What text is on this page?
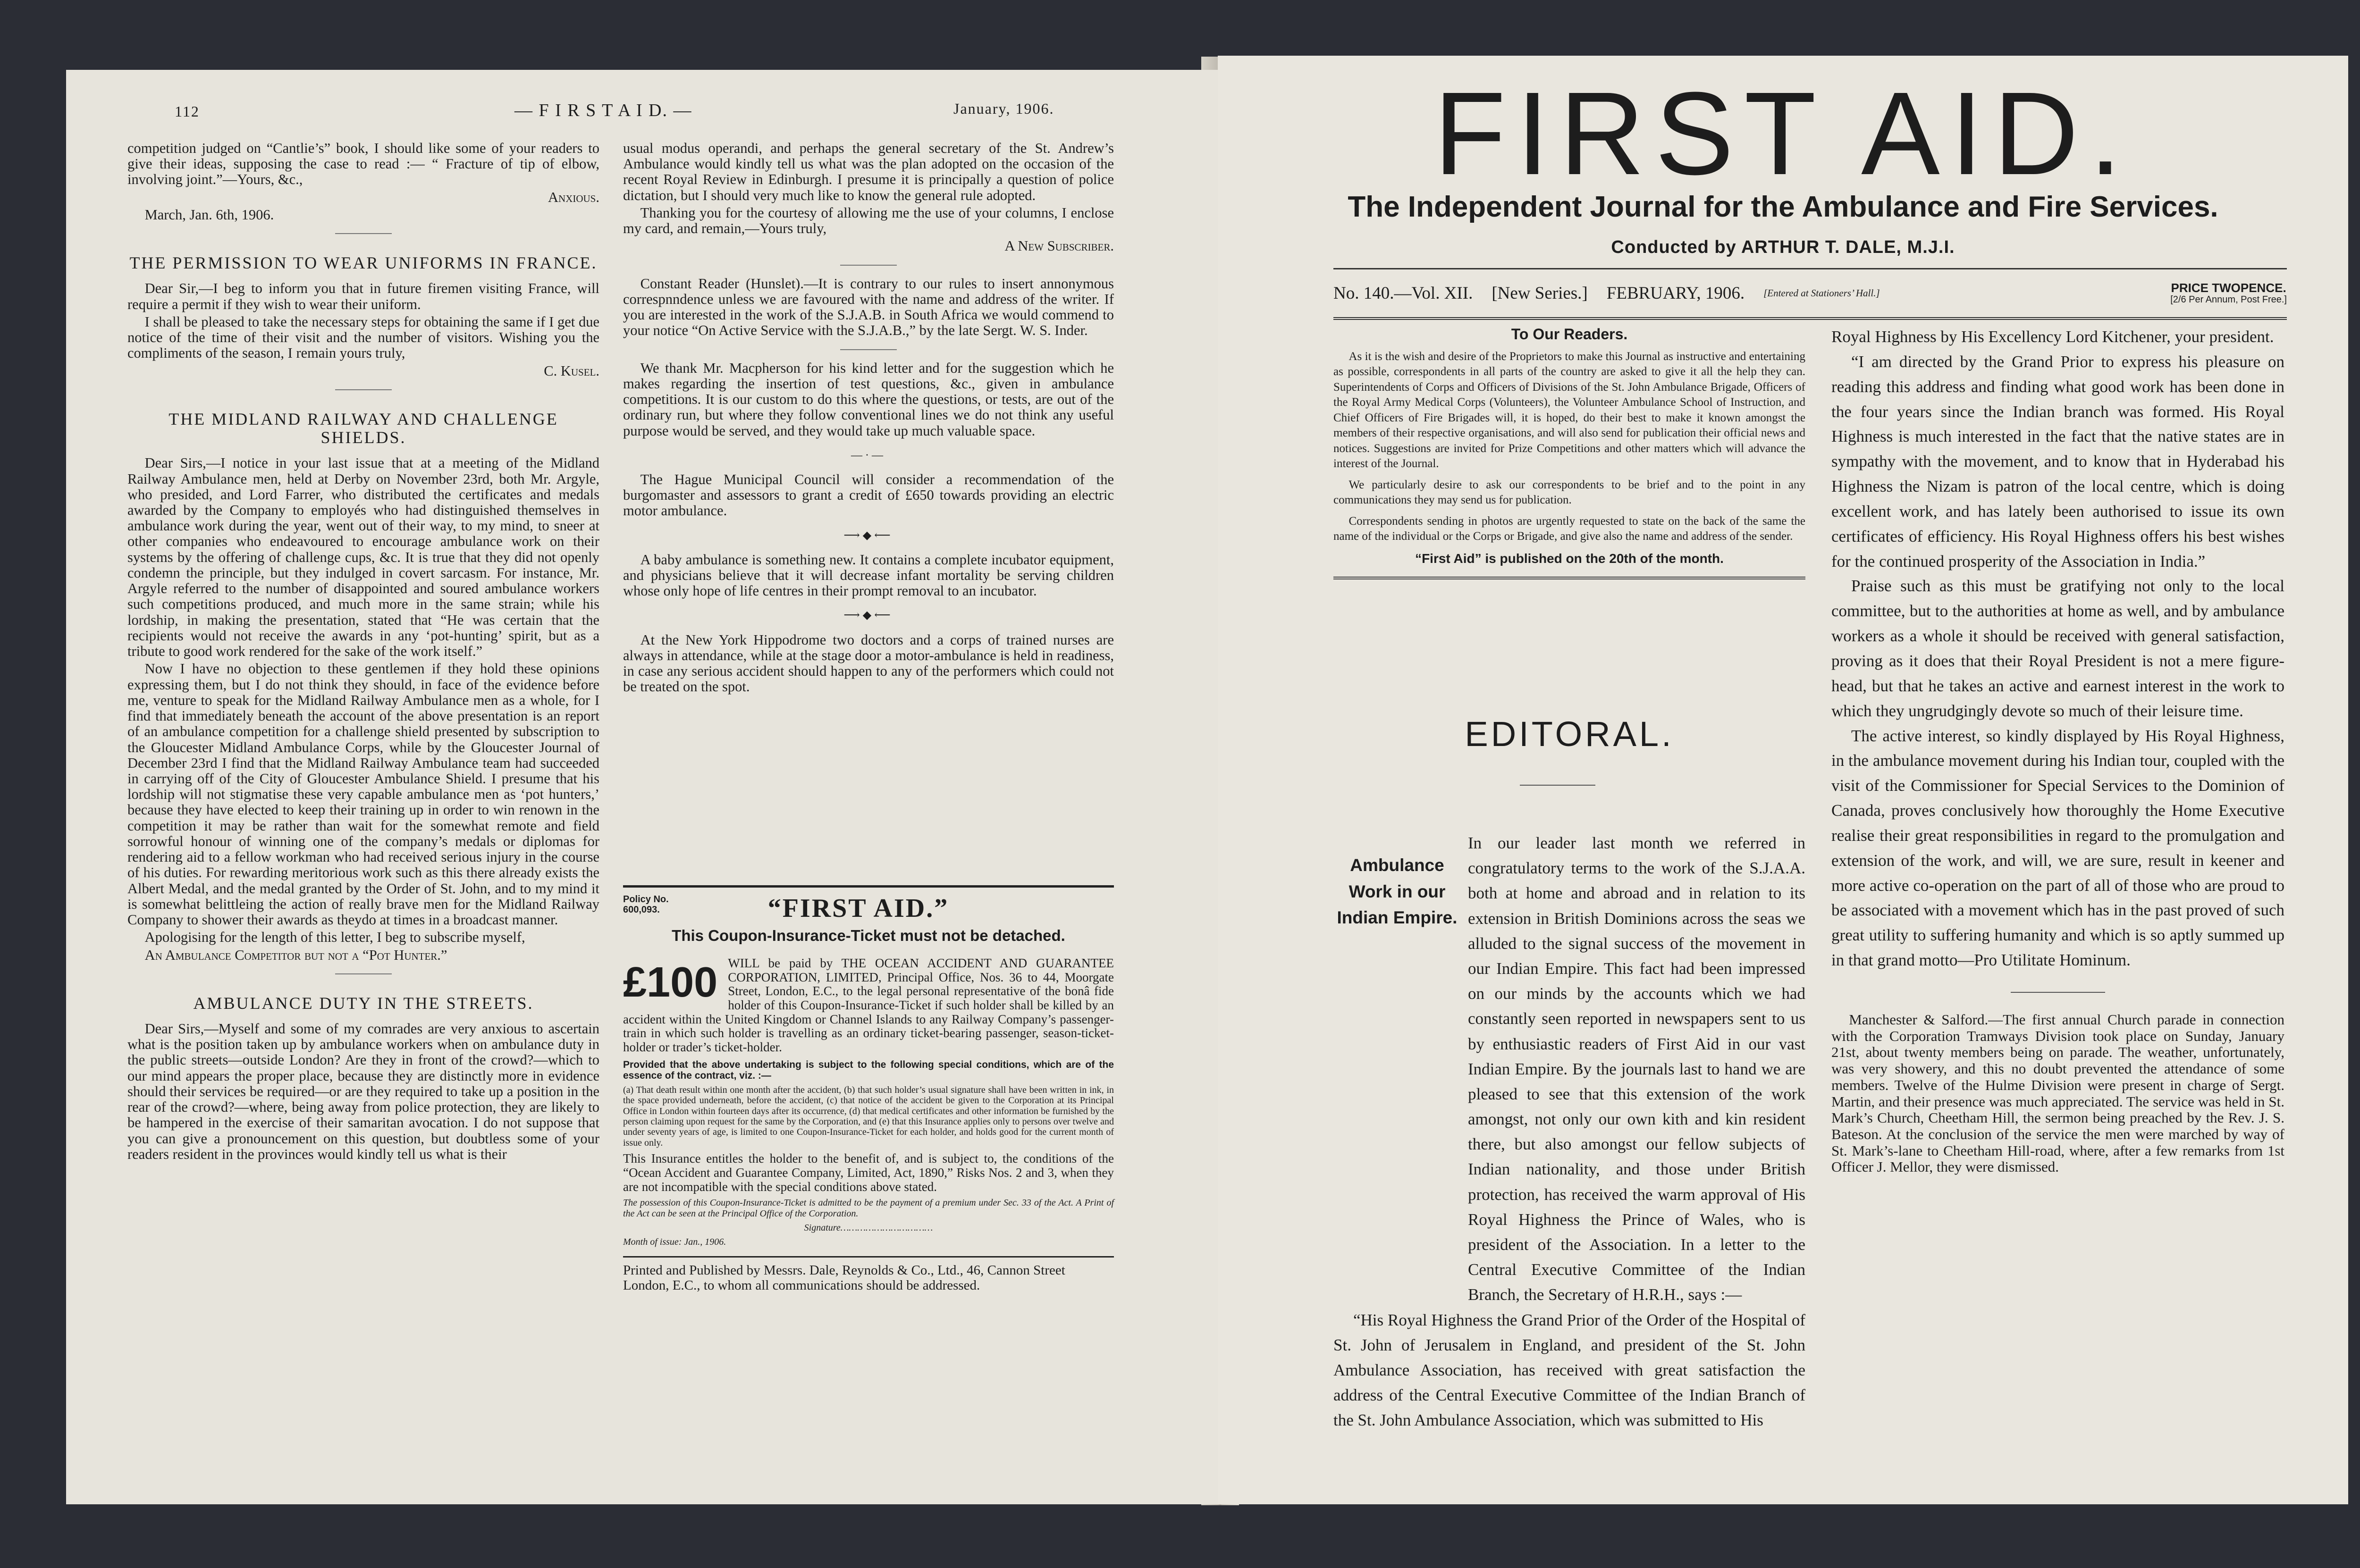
112	— F I R S T A I D. —	January, 1906.

competition judged on “Cantlie’s” book, I should like some of your readers to give their ideas, supposing the case to read :— “ Fracture of tip of elbow, involving joint.”—Yours, &c.,

Anxious.

March, Jan. 6th, 1906.

THE PERMISSION TO WEAR UNIFORMS IN FRANCE.

Dear Sir,—I beg to inform you that in future firemen visiting France, will require a permit if they wish to wear their uniform.

I shall be pleased to take the necessary steps for obtaining the same if I get due notice of the time of their visit and the number of visitors. Wishing you the compliments of the season, I remain yours truly,

C. Kusel.

THE MIDLAND RAILWAY AND CHALLENGE SHIELDS.

Dear Sirs,—I notice in your last issue that at a meeting of the Midland Railway Ambulance men, held at Derby on November 23rd, both Mr. Argyle, who presided, and Lord Farrer, who distributed the certificates and medals awarded by the Company to employés who had distinguished themselves in ambulance work during the year, went out of their way, to my mind, to sneer at other companies who endeavoured to encourage ambulance work on their systems by the offering of challenge cups, &c. It is true that they did not openly condemn the principle, but they indulged in covert sarcasm. For instance, Mr. Argyle referred to the number of disappointed and soured ambulance workers such competitions produced, and much more in the same strain; while his lordship, in making the presentation, stated that “He was certain that the recipients would not receive the awards in any ‘pot-hunting’ spirit, but as a tribute to good work rendered for the sake of the work itself.”

Now I have no objection to these gentlemen if they hold these opinions expressing them, but I do not think they should, in face of the evidence before me, venture to speak for the Midland Railway Ambulance men as a whole, for I find that immediately beneath the account of the above presentation is an report of an ambulance competition for a challenge shield presented by subscription to the Gloucester Midland Ambulance Corps, while by the Gloucester Journal of December 23rd I find that the Midland Railway Ambulance team had succeeded in carrying off of the City of Gloucester Ambulance Shield. I presume that his lordship will not stigmatise these very capable ambulance men as ‘pot hunters,’ because they have elected to keep their training up in order to win renown in the competition it may be rather than wait for the somewhat remote and field sorrowful honour of winning one of the company’s medals or diplomas for rendering aid to a fellow workman who had received serious injury in the course of his duties. For rewarding meritorious work such as this there already exists the Albert Medal, and the medal granted by the Order of St. John, and to my mind it is somewhat belittleing the action of really brave men for the Midland Railway Company to shower their awards as theydo at times in a broadcast manner.

Apologising for the length of this letter, I beg to subscribe myself,

An Ambulance Competitor but not a “Pot Hunter.”

AMBULANCE DUTY IN THE STREETS.

Dear Sirs,—Myself and some of my comrades are very anxious to ascertain what is the position taken up by ambulance workers when on ambulance duty in the public streets—outside London? Are they in front of the crowd?—which to our mind appears the proper place, because they are distinctly more in evidence should their services be required—or are they required to take up a position in the rear of the crowd?—where, being away from police protection, they are likely to be hampered in the exercise of their samaritan avocation. I do not suppose that you can give a pronouncement on this question, but doubtless some of your readers resident in the provinces would kindly tell us what is their

usual modus operandi, and perhaps the general secretary of the St. Andrew’s Ambulance would kindly tell us what was the plan adopted on the occasion of the recent Royal Review in Edinburgh. I presume it is principally a question of police dictation, but I should very much like to know the general rule adopted.

Thanking you for the courtesy of allowing me the use of your columns, I enclose my card, and remain,—Yours truly,

A New Subscriber.

Constant Reader (Hunslet).—It is contrary to our rules to insert annonymous correspnndence unless we are favoured with the name and address of the writer. If you are interested in the work of the S.J.A.B. in South Africa we would commend to your notice “On Active Service with the S.J.A.B.,” by the late Sergt. W. S. Inder.

We thank Mr. Macpherson for his kind letter and for the suggestion which he makes regarding the insertion of test questions, &c., given in ambulance competitions. It is our custom to do this where the questions, or tests, are out of the ordinary run, but where they follow conventional lines we do not think any useful purpose would be served, and they would take up much valuable space.

—·—

The Hague Municipal Council will consider a recommendation of the burgomaster and assessors to grant a credit of £650 towards providing an electric motor ambulance.

⟶◆⟵

A baby ambulance is something new. It contains a complete incubator equipment, and physicians believe that it will decrease infant mortality be serving children whose only hope of life centres in their prompt removal to an incubator.

⟶◆⟵

At the New York Hippodrome two doctors and a corps of trained nurses are always in attendance, while at the stage door a motor-ambulance is held in readiness, in case any serious accident should happen to any of the performers which could not be treated on the spot.

Policy No.
600,093.	“FIRST AID.”
This Coupon-Insurance-Ticket must not be detached.
£100 WILL be paid by THE OCEAN ACCIDENT AND GUARANTEE CORPORATION, LIMITED, Principal Office, Nos. 36 to 44, Moorgate Street, London, E.C., to the legal personal representative of the bonâ fide holder of this Coupon-Insurance-Ticket if such holder shall be killed by an accident within the United Kingdom or Channel Islands to any Railway Company’s passenger-train in which such holder is travelling as an ordinary ticket-bearing passenger, season-ticket-holder or trader’s ticket-holder.

Provided that the above undertaking is subject to the following special conditions, which are of the essence of the contract, viz. :—

(a) That death result within one month after the accident, (b) that such holder’s usual signature shall have been written in ink, in the space provided underneath, before the accident, (c) that notice of the accident be given to the Corporation at its Principal Office in London within fourteen days after its occurrence, (d) that medical certificates and other information be furnished by the person claiming upon request for the same by the Corporation, and (e) that this Insurance applies only to persons over twelve and under seventy years of age, is limited to one Coupon-Insurance-Ticket for each holder, and holds good for the current month of issue only.

This Insurance entitles the holder to the benefit of, and is subject to, the conditions of the “Ocean Accident and Guarantee Company, Limited, Act, 1890,” Risks Nos. 2 and 3, when they are not incompatible with the special conditions above stated.

The possession of this Coupon-Insurance-Ticket is admitted to be the payment of a premium under Sec. 33 of the Act. A Print of the Act can be seen at the Principal Office of the Corporation.

Signature……………………………

Month of issue: Jan., 1906.

Printed and Published by Messrs. Dale, Reynolds & Co., Ltd., 46, Cannon Street London, E.C., to whom all communications should be addressed.
FIRST AID.
The Independent Journal for the Ambulance and Fire Services.
Conducted by ARTHUR T. DALE, M.J.I.
No. 140.—Vol. XII. [New Series.] FEBRUARY, 1906. [Entered at Stationers’ Hall.]	PRICE TWOPENCE.
[2/6 Per Annum, Post Free.]
To Our Readers.

As it is the wish and desire of the Proprietors to make this Journal as instructive and entertaining as possible, correspondents in all parts of the country are asked to give it all the help they can. Superintendents of Corps and Officers of Divisions of the St. John Ambulance Brigade, Officers of the Royal Army Medical Corps (Volunteers), the Volunteer Ambulance School of Instruction, and Chief Officers of Fire Brigades will, it is hoped, do their best to make it known amongst the members of their respective organisations, and will also send for publication their official news and notices. Suggestions are invited for Prize Competitions and other matters which will advance the interest of the Journal.

We particularly desire to ask our correspondents to be brief and to the point in any communications they may send us for publication.

Correspondents sending in photos are urgently requested to state on the back of the same the name of the individual or the Corps or Brigade, and give also the name and address of the sender.

“First Aid” is published on the 20th of the month.

EDITORAL.
Ambulance Work in our Indian Empire.

In our leader last month we referred in congratulatory terms to the work of the S.J.A.A. both at home and abroad and in relation to its extension in British Dominions across the seas we alluded to the signal success of the movement in our Indian Empire. This fact had been impressed on our minds by the accounts which we had constantly seen reported in newspapers sent to us by enthusiastic readers of First Aid in our vast Indian Empire. By the journals last to hand we are pleased to see that this extension of the work amongst, not only our own kith and kin resident there, but also amongst our fellow subjects of Indian nationality, and those under British protection, has received the warm approval of His Royal Highness the Prince of Wales, who is president of the Association. In a letter to the Central Executive Committee of the Indian Branch, the Secretary of H.R.H., says :—

“His Royal Highness the Grand Prior of the Order of the Hospital of St. John of Jerusalem in England, and president of the St. John Ambulance Association, has received with great satisfaction the address of the Central Executive Committee of the Indian Branch of the St. John Ambulance Association, which was submitted to His

Royal Highness by His Excellency Lord Kitchener, your president.

“I am directed by the Grand Prior to express his pleasure on reading this address and finding what good work has been done in the four years since the Indian branch was formed. His Royal Highness is much interested in the fact that the native states are in sympathy with the movement, and to know that in Hyderabad his Highness the Nizam is patron of the local centre, which is doing excellent work, and has lately been authorised to issue its own certificates of efficiency. His Royal Highness offers his best wishes for the continued prosperity of the Association in India.”

Praise such as this must be gratifying not only to the local committee, but to the authorities at home as well, and by ambulance workers as a whole it should be received with general satisfaction, proving as it does that their Royal President is not a mere figure-head, but that he takes an active and earnest interest in the work to which they ungrudgingly devote so much of their leisure time.

The active interest, so kindly displayed by His Royal Highness, in the ambulance movement during his Indian tour, coupled with the visit of the Commissioner for Special Services to the Dominion of Canada, proves conclusively how thoroughly the Home Executive realise their great responsibilities in regard to the promulgation and extension of the work, and will, we are sure, result in keener and more active co-operation on the part of all of those who are proud to be associated with a movement which has in the past proved of such great utility to suffering humanity and which is so aptly summed up in that grand motto—Pro Utilitate Hominum.

Manchester & Salford.—The first annual Church parade in connection with the Corporation Tramways Division took place on Sunday, January 21st, about twenty members being on parade. The weather, unfortunately, was very showery, and this no doubt prevented the attendance of some members. Twelve of the Hulme Division were present in charge of Sergt. Martin, and their presence was much appreciated. The service was held in St. Mark’s Church, Cheetham Hill, the sermon being preached by the Rev. J. S. Bateson. At the conclusion of the service the men were marched by way of St. Mark’s-lane to Cheetham Hill-road, where, after a few remarks from 1st Officer J. Mellor, they were dismissed.
